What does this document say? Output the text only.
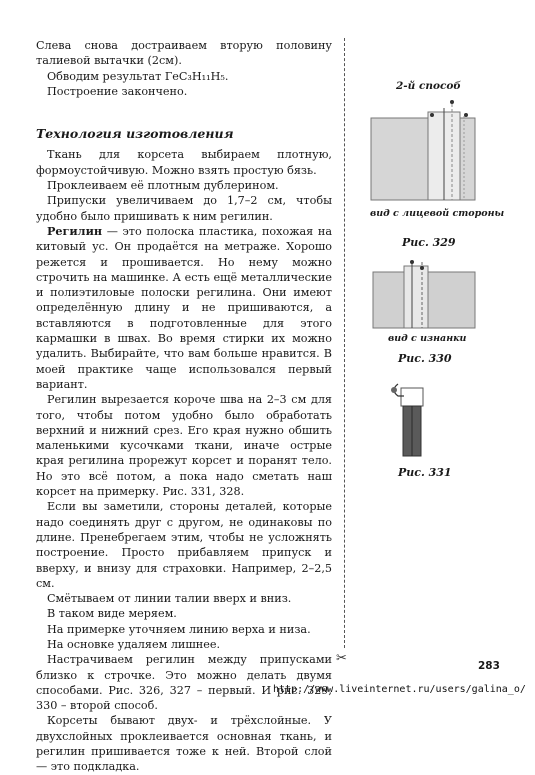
Слева снова достраиваем вторую половину талиевой вытачки (2см).

Обводим результат ГеС₃Н₁₁Н₅.

Построение закончено.

Технология изготовления

Ткань для корсета выбираем плотную, формоустойчивую. Можно взять простую бязь.

Проклеиваем её плотным дублерином.

Припуски увеличиваем до 1,7–2 см, чтобы удобно было пришивать к ним регилин.

Регилин — это полоска пластика, похожая на китовый ус. Он продаётся на метраже. Хорошо режется и прошивается. Но нему можно строчить на машинке. А есть ещё металлические и полиэтиловые полоски регилина. Они имеют определённую длину и не пришиваются, а вставляются в подготовленные для этого кармашки в швах. Во время стирки их можно удалить. Выбирайте, что вам больше нравится. В моей практике чаще использовался первый вариант.

Регилин вырезается короче шва на 2–3 см для того, чтобы потом удобно было обработать верхний и нижний срез. Его края нужно обшить маленькими кусочками ткани, иначе острые края регилина прорежут корсет и поранят тело. Но это всё потом, а пока надо сметать наш корсет на примерку. Рис. 331, 328.

Если вы заметили, стороны деталей, которые надо соединять друг с другом, не одинаковы по длине. Пренебрегаем этим, чтобы не усложнять построение. Просто прибавляем припуск и вверху, и внизу для страховки. Например, 2–2,5 см.

Смётываем от линии талии вверх и вниз.

В таком виде меряем.

На примерке уточняем линию верха и низа.

На основке удаляем лишнее.

Настрачиваем регилин между припусками близко к строчке. Это можно делать двумя способами. Рис. 326, 327 – первый. И рис. 329, 330 – второй способ.

Корсеты бывают двух- и трёхслойные. У двухслойных проклеивается основная ткань, и регилин пришивается тоже к ней. Второй слой — это подкладка.

✂
2-й способ
вид с лицевой стороны
Рис. 329
вид с изнанки
Рис. 330
Рис. 331
283
http://www.liveinternet.ru/users/galina_o/
